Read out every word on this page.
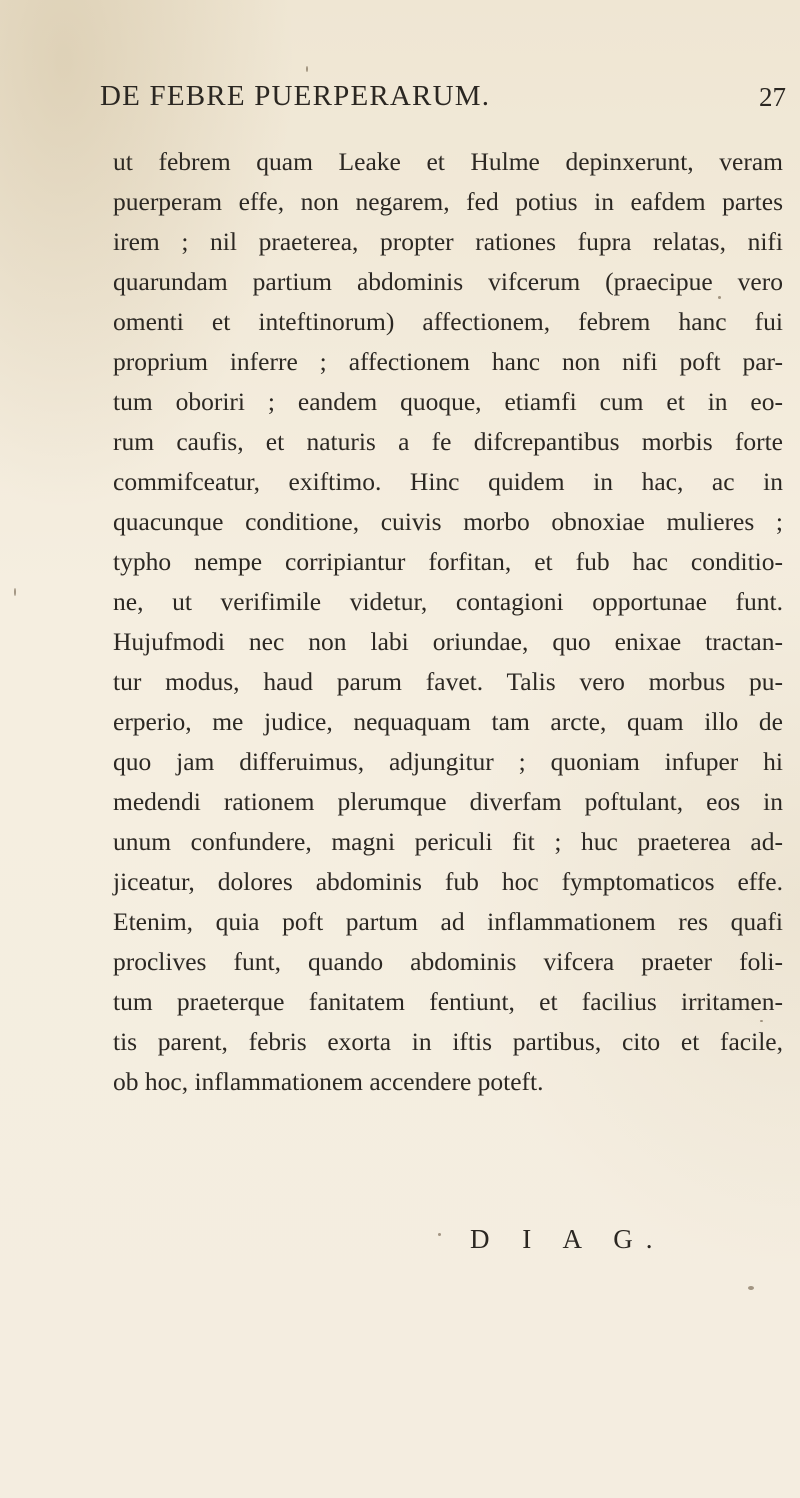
DE FEBRE PUERPERARUM.	27
ut febrem quam Leake et Hulme depinxerunt, veram
puerperam effe, non negarem, fed potius in eafdem partes
irem ; nil praeterea, propter rationes fupra relatas, nifi
quarundam partium abdominis vifcerum (praecipue vero
omenti et inteftinorum) affectionem, febrem hanc fui
proprium inferre ; affectionem hanc non nifi poft par-
tum oboriri ; eandem quoque, etiamfi cum et in eo-
rum caufis, et naturis a fe difcrepantibus morbis forte
commifceatur, exiftimo. Hinc quidem in hac, ac in
quacunque conditione, cuivis morbo obnoxiae mulieres ;
typho nempe corripiantur forfitan, et fub hac conditio-
ne, ut verifimile videtur, contagioni opportunae funt.
Hujufmodi nec non labi oriundae, quo enixae tractan-
tur modus, haud parum favet. Talis vero morbus pu-
erperio, me judice, nequaquam tam arcte, quam illo de
quo jam differuimus, adjungitur ; quoniam infuper hi
medendi rationem plerumque diverfam poftulant, eos in
unum confundere, magni periculi fit ; huc praeterea ad-
jiceatur, dolores abdominis fub hoc fymptomaticos effe.
Etenim, quia poft partum ad inflammationem res quafi
proclives funt, quando abdominis vifcera praeter foli-
tum praeterque fanitatem fentiunt, et facilius irritamen-
tis parent, febris exorta in iftis partibus, cito et facile,
ob hoc, inflammationem accendere poteft.
D I A G.
